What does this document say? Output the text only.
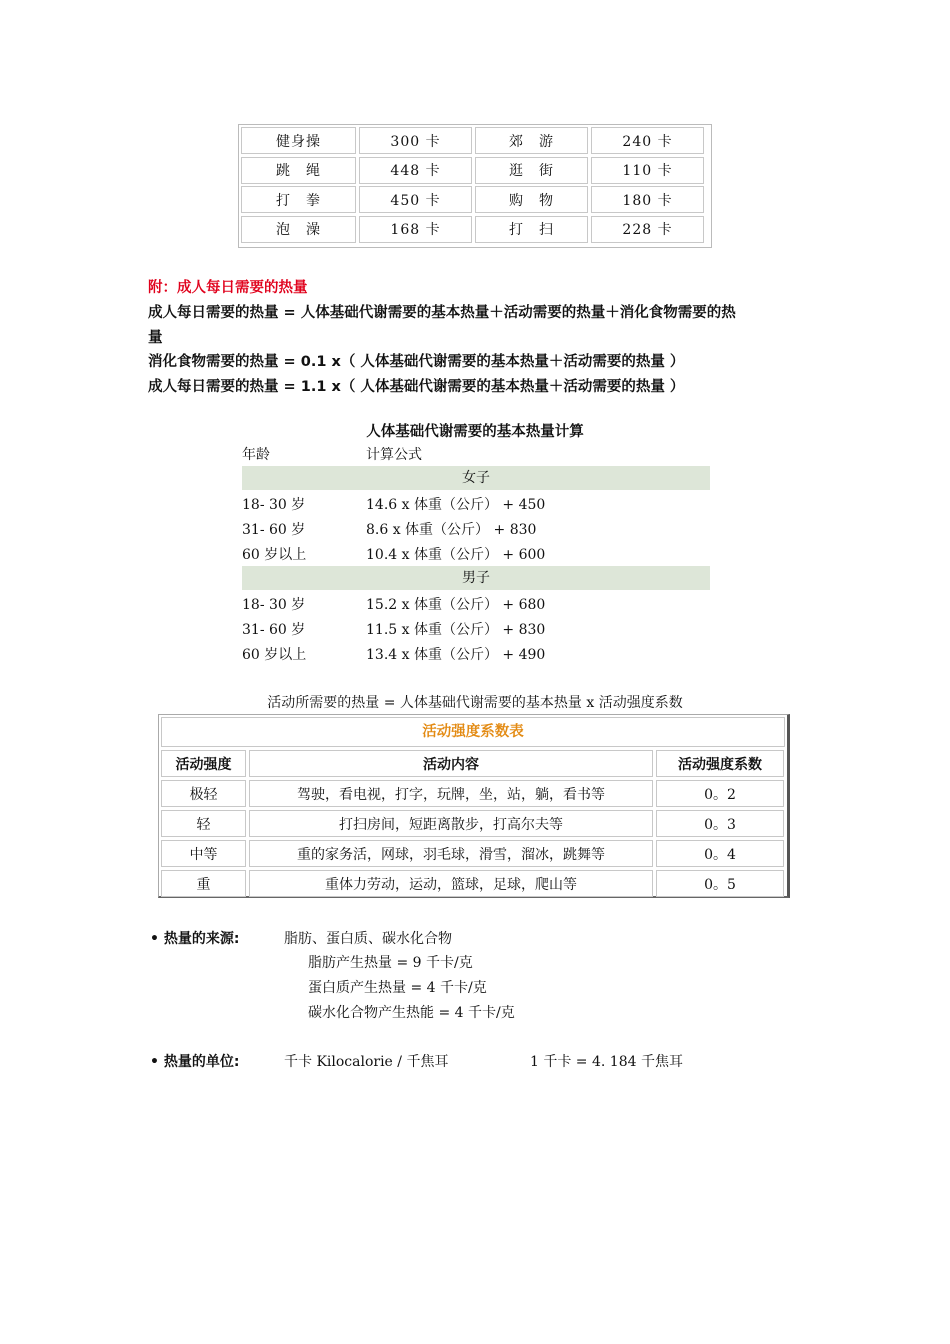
健身操	300 卡	郊　游	240 卡
跳　绳	448 卡	逛　街	110 卡
打　拳	450 卡	购　物	180 卡
泡　澡	168 卡	打　扫	228 卡
附：成人每日需要的热量
成人每日需要的热量 = 人体基础代谢需要的基本热量＋活动需要的热量＋消化食物需要的热
量
消化食物需要的热量 = 0.1 x（ 人体基础代谢需要的基本热量＋活动需要的热量 ）
成人每日需要的热量 = 1.1 x（ 人体基础代谢需要的基本热量＋活动需要的热量 ）
人体基础代谢需要的基本热量计算
年龄	计算公式
女子
18- 30 岁	14.6 x 体重（公斤） + 450
31- 60 岁	8.6 x 体重（公斤） + 830
60 岁以上	10.4 x 体重（公斤） + 600
男子
18- 30 岁	15.2 x 体重（公斤） + 680
31- 60 岁	11.5 x 体重（公斤） + 830
60 岁以上	13.4 x 体重（公斤） + 490
活动所需要的热量 = 人体基础代谢需要的基本热量 x 活动强度系数
活动强度系数表
活动强度	活动内容	活动强度系数
极轻	驾驶，看电视，打字，玩牌，坐，站，躺，看书等	0。2
轻	打扫房间，短距离散步，打高尔夫等	0。3
中等	重的家务活，网球，羽毛球，滑雪，溜冰，跳舞等	0。4
重	重体力劳动，运动，篮球，足球，爬山等	0。5
• 热量的来源:	脂肪、蛋白质、碳水化合物
脂肪产生热量 = 9 千卡/克
蛋白质产生热量 = 4 千卡/克
碳水化合物产生热能 = 4 千卡/克
• 热量的单位:	千卡 Kilocalorie / 千焦耳	1 千卡 = 4. 184 千焦耳
